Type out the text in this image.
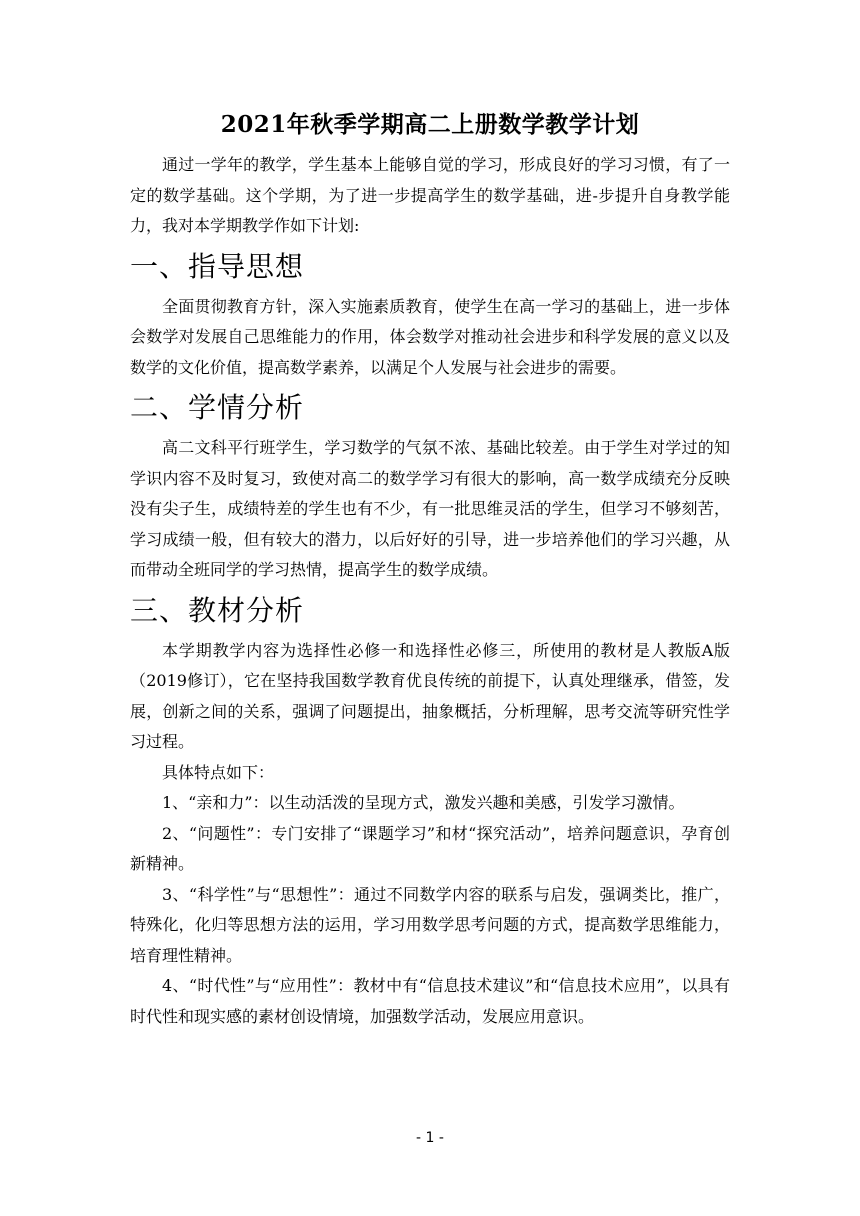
2021年秋季学期高二上册数学教学计划

通过一学年的教学，学生基本上能够自觉的学习，形成良好的学习习惯，有了一定的数学基础。这个学期，为了进一步提高学生的数学基础，进-步提升自身教学能力，我对本学期教学作如下计划:

一、指导思想

全面贯彻教育方针，深入实施素质教育，使学生在高一学习的基础上，进一步体会数学对发展自己思维能力的作用，体会数学对推动社会进步和科学发展的意义以及数学的文化价值，提高数学素养，以满足个人发展与社会进步的需要。

二、学情分析

高二文科平行班学生，学习数学的气氛不浓、基础比较差。由于学生对学过的知学识内容不及时复习，致使对高二的数学学习有很大的影响，高一数学成绩充分反映没有尖子生，成绩特差的学生也有不少，有一批思维灵活的学生，但学习不够刻苦，学习成绩一般，但有较大的潜力，以后好好的引导，进一步培养他们的学习兴趣，从而带动全班同学的学习热情，提高学生的数学成绩。

三、教材分析

本学期教学内容为选择性必修一和选择性必修三，所使用的教材是人教版A版（2019修订），它在坚持我国数学教育优良传统的前提下，认真处理继承，借签，发展，创新之间的关系，强调了问题提出，抽象概括，分析理解，思考交流等研究性学习过程。

具体特点如下：

1、“亲和力”：以生动活泼的呈现方式，激发兴趣和美感，引发学习激情。

2、“问题性”：专门安排了“课题学习”和材“探究活动”，培养问题意识，孕育创新精神。

3、“科学性”与“思想性”：通过不同数学内容的联系与启发，强调类比，推广，特殊化，化归等思想方法的运用，学习用数学思考问题的方式，提高数学思维能力，培育理性精神。

4、“时代性”与“应用性”：教材中有“信息技术建议”和“信息技术应用”，以具有时代性和现实感的素材创设情境，加强数学活动，发展应用意识。

- 1 -
